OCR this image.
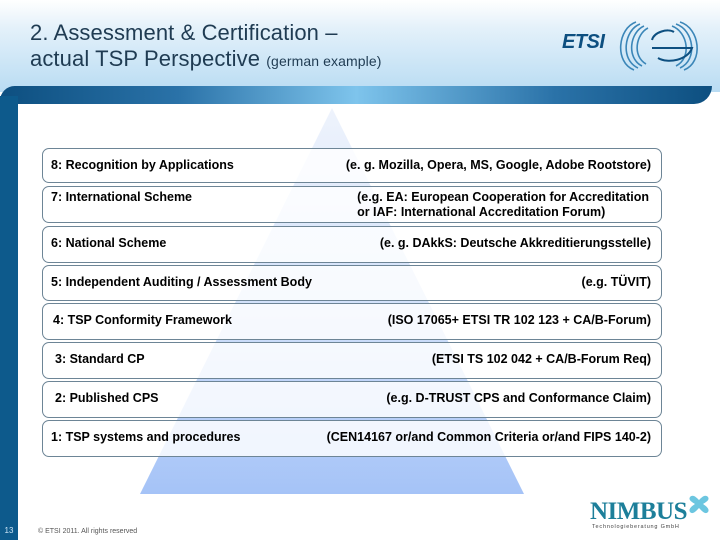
2. Assessment & Certification –
actual TSP Perspective (german example)
ETSI
8: Recognition by Applications	(e. g. Mozilla, Opera, MS, Google, Adobe Rootstore)
7: International Scheme	(e.g. EA: European Cooperation for Accreditation
or IAF: International Accreditation Forum)
6: National Scheme	(e. g. DAkkS: Deutsche Akkreditierungsstelle)
5: Independent Auditing / Assessment Body	(e.g. TÜVIT)
4: TSP Conformity Framework	(ISO 17065+ ETSI TR 102 123 + CA/B-Forum)
3: Standard CP	(ETSI TS 102 042 + CA/B-Forum Req)
2: Published CPS	(e.g. D-TRUST CPS and Conformance Claim)
1: TSP systems and procedures	(CEN14167 or/and Common Criteria or/and FIPS 140-2)
13	© ETSI 2011. All rights reserved
NIMBUS
Technologieberatung GmbH
